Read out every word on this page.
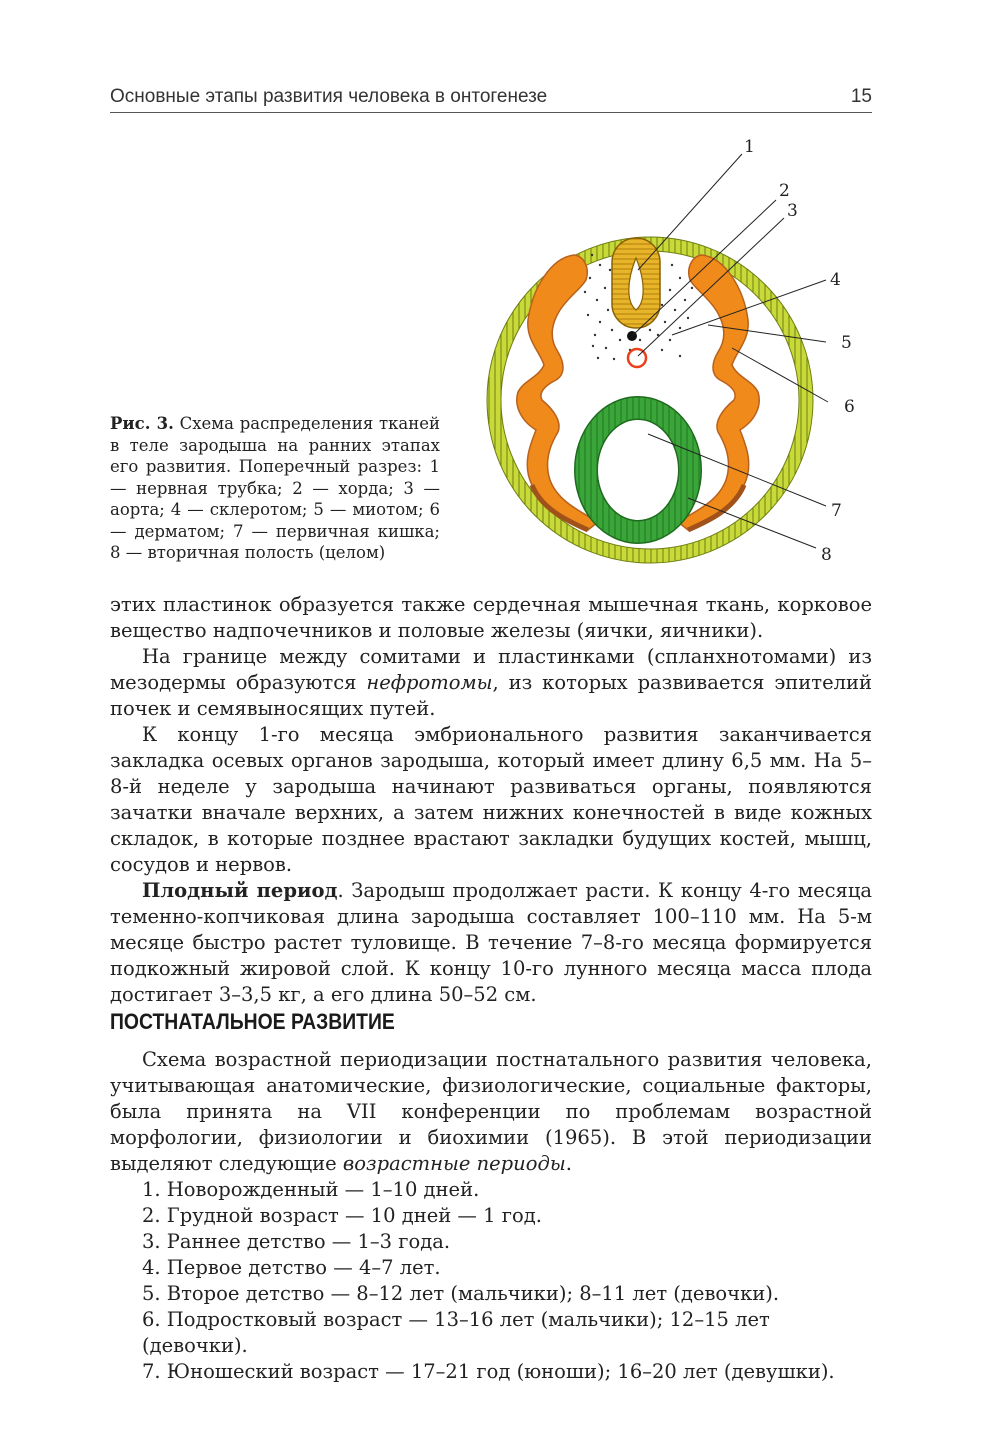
Основные этапы развития человека в онтогенезе	15
1
2
3
4
5
6
7
8
Рис. 3. Схема распределения тканей в теле зародыша на ранних этапах его развития. Поперечный разрез: 1 — нервная трубка; 2 — хорда; 3 — аорта; 4 — склеротом; 5 — миотом; 6 — дерматом; 7 — первичная кишка; 8 — вторичная полость (целом)

этих пластинок образуется также сердечная мышечная ткань, корковое вещество надпочечников и половые железы (яички, яичники).

На границе между сомитами и пластинками (спланхнотомами) из мезодермы образуются нефротомы, из которых развивается эпителий почек и семявыносящих путей.

К концу 1-го месяца эмбрионального развития заканчивается закладка осевых органов зародыша, который имеет длину 6,5 мм. На 5–8-й неделе у зародыша начинают развиваться органы, появляются зачатки вначале верхних, а затем нижних конечностей в виде кожных складок, в которые позднее врастают закладки будущих костей, мышц, сосудов и нервов.

Плодный период. Зародыш продолжает расти. К концу 4-го месяца теменно-копчиковая длина зародыша составляет 100–110 мм. На 5-м месяце быстро растет туловище. В течение 7–8-го месяца формируется подкожный жировой слой. К концу 10-го лунного месяца масса плода достигает 3–3,5 кг, а его длина 50–52 см.

ПОСТНАТАЛЬНОЕ РАЗВИТИЕ

Схема возрастной периодизации постнатального развития человека, учитывающая анатомические, физиологические, социальные факторы, была принята на VII конференции по проблемам возрастной морфологии, физиологии и биохимии (1965). В этой периодизации выделяют следующие возрастные периоды.

1. Новорожденный — 1–10 дней.
2. Грудной возраст — 10 дней — 1 год.
3. Раннее детство — 1–3 года.
4. Первое детство — 4–7 лет.
5. Второе детство — 8–12 лет (мальчики); 8–11 лет (девочки).
6. Подростковый возраст — 13–16 лет (мальчики); 12–15 лет (девочки).
7. Юношеский возраст — 17–21 год (юноши); 16–20 лет (девушки).
